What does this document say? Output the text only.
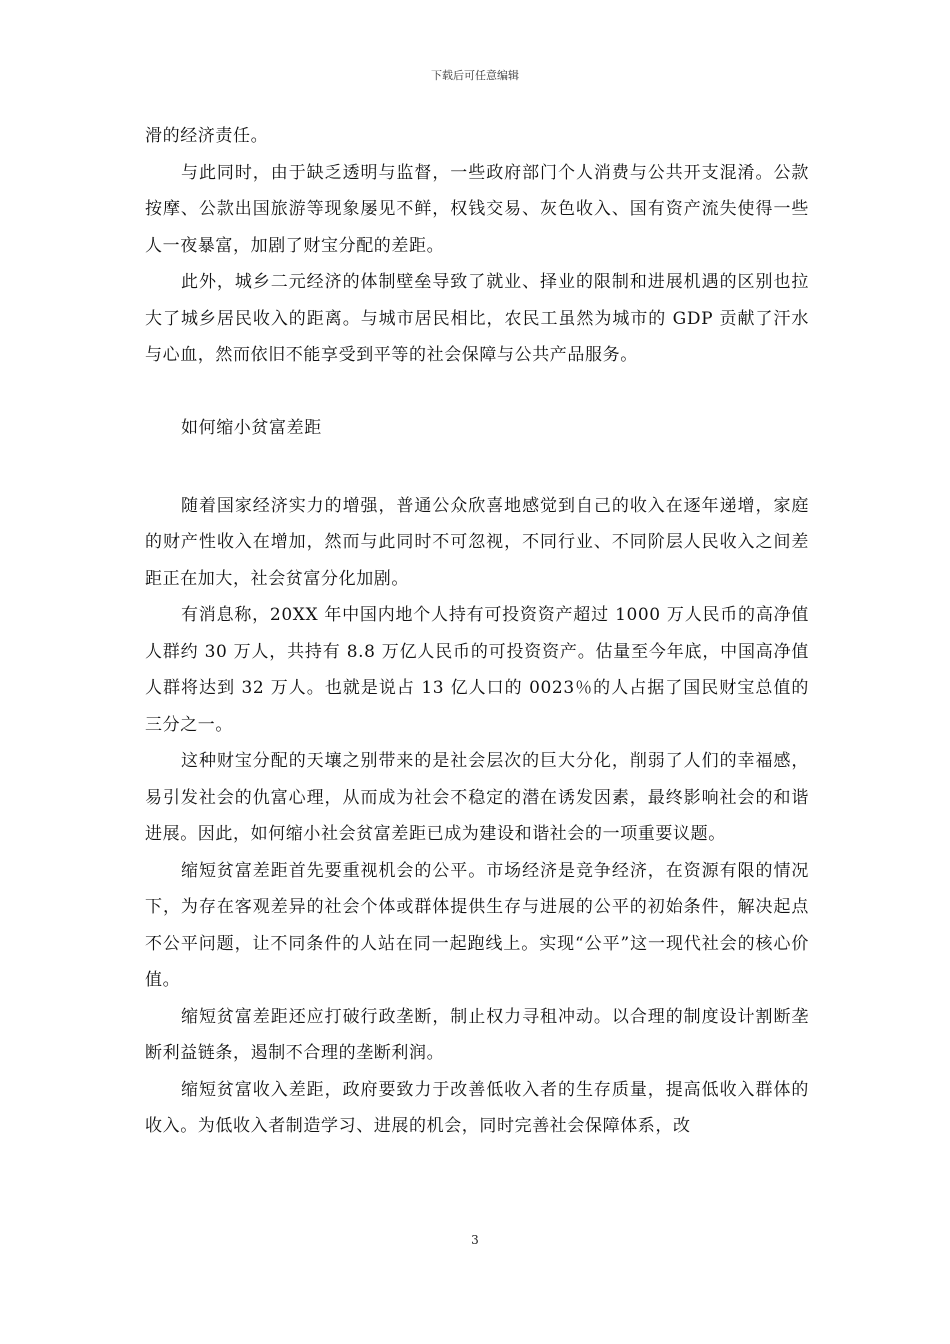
下载后可任意编辑

滑的经济责任。

与此同时，由于缺乏透明与监督，一些政府部门个人消费与公共开支混淆。公款按摩、公款出国旅游等现象屡见不鲜，权钱交易、灰色收入、国有资产流失使得一些人一夜暴富，加剧了财宝分配的差距。

此外，城乡二元经济的体制壁垒导致了就业、择业的限制和进展机遇的区别也拉大了城乡居民收入的距离。与城市居民相比，农民工虽然为城市的 GDP 贡献了汗水与心血，然而依旧不能享受到平等的社会保障与公共产品服务。

如何缩小贫富差距

随着国家经济实力的增强，普通公众欣喜地感觉到自己的收入在逐年递增，家庭的财产性收入在增加，然而与此同时不可忽视，不同行业、不同阶层人民收入之间差距正在加大，社会贫富分化加剧。

有消息称，20XX 年中国内地个人持有可投资资产超过 1000 万人民币的高净值人群约 30 万人，共持有 8.8 万亿人民币的可投资资产。估量至今年底，中国高净值人群将达到 32 万人。也就是说占 13 亿人口的 0023％的人占据了国民财宝总值的三分之一。

这种财宝分配的天壤之别带来的是社会层次的巨大分化，削弱了人们的幸福感，易引发社会的仇富心理，从而成为社会不稳定的潜在诱发因素，最终影响社会的和谐进展。因此，如何缩小社会贫富差距已成为建设和谐社会的一项重要议题。

缩短贫富差距首先要重视机会的公平。市场经济是竞争经济，在资源有限的情况下，为存在客观差异的社会个体或群体提供生存与进展的公平的初始条件，解决起点不公平问题，让不同条件的人站在同一起跑线上。实现“公平”这一现代社会的核心价值。

缩短贫富差距还应打破行政垄断，制止权力寻租冲动。以合理的制度设计割断垄断利益链条，遏制不合理的垄断利润。

缩短贫富收入差距，政府要致力于改善低收入者的生存质量，提高低收入群体的收入。为低收入者制造学习、进展的机会，同时完善社会保障体系，改

3
